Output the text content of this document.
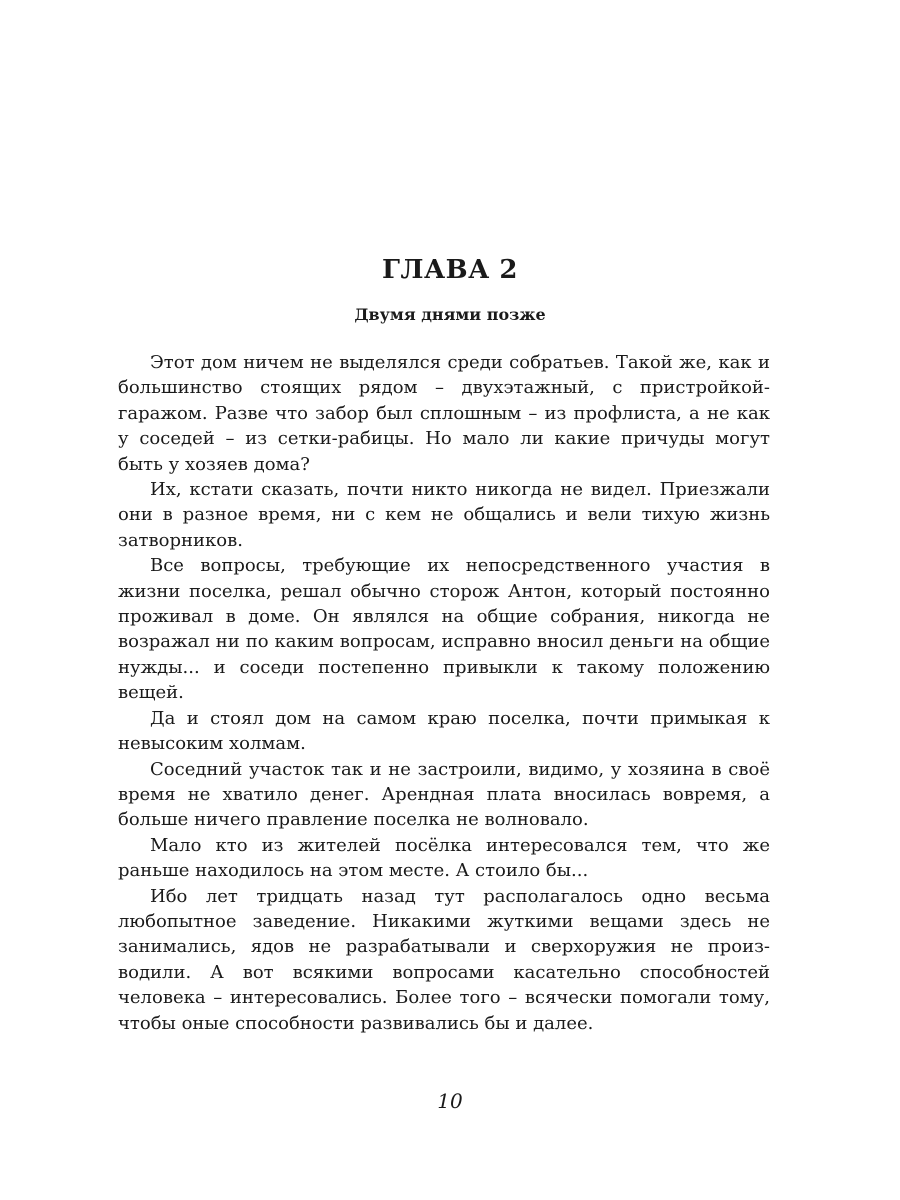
ГЛАВА 2
Двумя днями позже

Этот дом ничем не выделялся среди собратьев. Такой же, как и большинство стоящих рядом – двухэтажный, с пристройкой-гаражом. Разве что забор был сплошным – из профлиста, а не как у соседей – из сетки-рабицы. Но мало ли какие причуды могут быть у хозяев дома?

Их, кстати сказать, почти никто никогда не видел. Приезжали они в разное время, ни с кем не общались и вели тихую жизнь затворников.

Все вопросы, требующие их непосредственного участия в жизни поселка, решал обычно сторож Антон, который постоянно проживал в доме. Он являлся на общие собрания, никогда не возражал ни по каким вопросам, исправно вносил деньги на общие нужды... и соседи постепенно привыкли к такому положению вещей.

Да и стоял дом на самом краю поселка, почти примыкая к невысоким холмам.

Соседний участок так и не застроили, видимо, у хозяина в своё время не хватило денег. Арендная плата вносилась вовремя, а больше ничего правление поселка не волновало.

Мало кто из жителей посёлка интересовался тем, что же раньше находилось на этом месте. А стоило бы...

Ибо лет тридцать назад тут располагалось одно весьма любопытное заведение. Никакими жуткими вещами здесь не занимались, ядов не разрабатывали и сверхоружия не производили. А вот всякими вопросами касательно способностей человека – интересовались. Более того – всячески помогали тому, чтобы оные способности развивались бы и далее.

10
